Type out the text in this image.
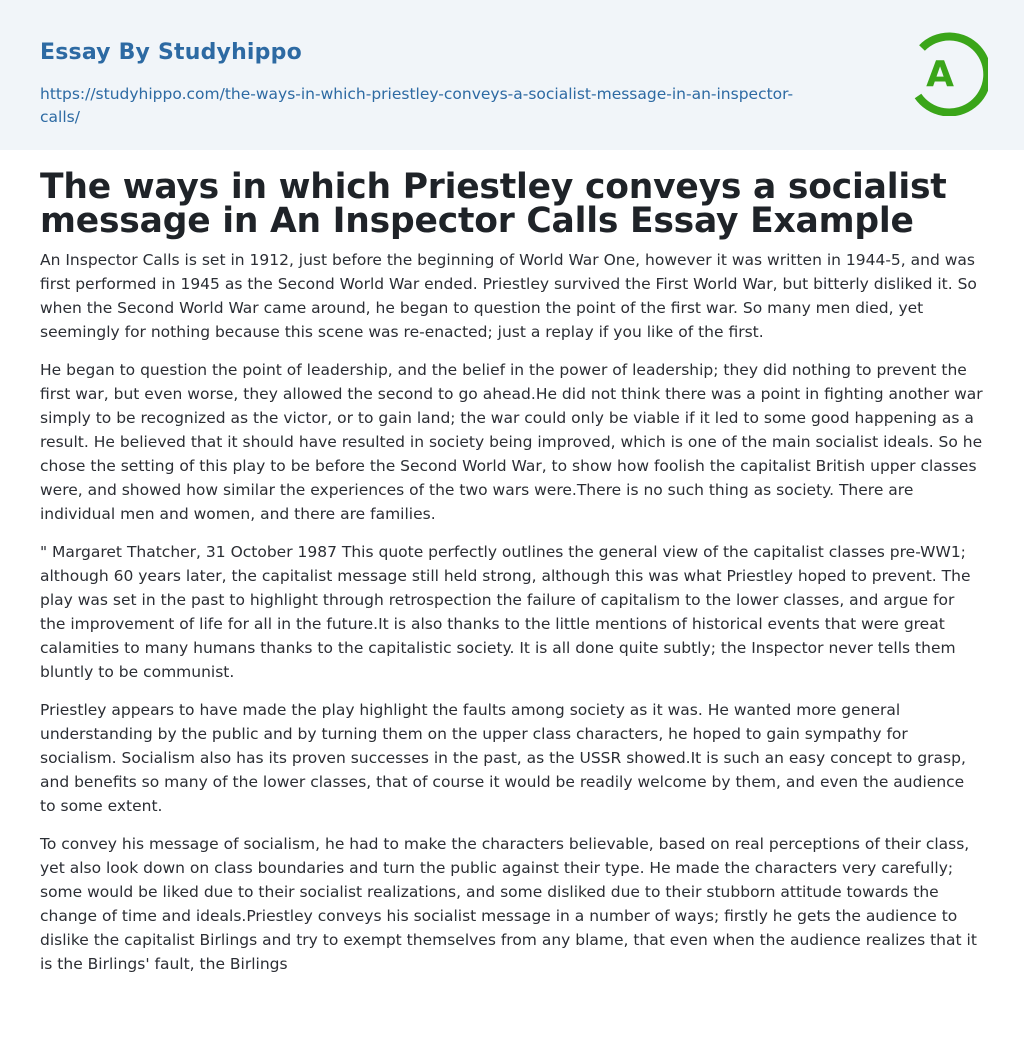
Essay By Studyhippo
https://studyhippo.com/the-ways-in-which-priestley-conveys-a-socialist-message-in-an-inspector-calls/
A
The ways in which Priestley conveys a socialist message in An Inspector Calls Essay Example

An Inspector Calls is set in 1912, just before the beginning of World War One, however it was written in 1944-5, and was first performed in 1945 as the Second World War ended. Priestley survived the First World War, but bitterly disliked it. So when the Second World War came around, he began to question the point of the first war. So many men died, yet seemingly for nothing because this scene was re-enacted; just a replay if you like of the first.

He began to question the point of leadership, and the belief in the power of leadership; they did nothing to prevent the first war, but even worse, they allowed the second to go ahead.He did not think there was a point in fighting another war simply to be recognized as the victor, or to gain land; the war could only be viable if it led to some good happening as a result. He believed that it should have resulted in society being improved, which is one of the main socialist ideals. So he chose the setting of this play to be before the Second World War, to show how foolish the capitalist British upper classes were, and showed how similar the experiences of the two wars were.There is no such thing as society. There are individual men and women, and there are families.

" Margaret Thatcher, 31 October 1987 This quote perfectly outlines the general view of the capitalist classes pre-WW1; although 60 years later, the capitalist message still held strong, although this was what Priestley hoped to prevent. The play was set in the past to highlight through retrospection the failure of capitalism to the lower classes, and argue for the improvement of life for all in the future.It is also thanks to the little mentions of historical events that were great calamities to many humans thanks to the capitalistic society. It is all done quite subtly; the Inspector never tells them bluntly to be communist.

Priestley appears to have made the play highlight the faults among society as it was. He wanted more general understanding by the public and by turning them on the upper class characters, he hoped to gain sympathy for socialism. Socialism also has its proven successes in the past, as the USSR showed.It is such an easy concept to grasp, and benefits so many of the lower classes, that of course it would be readily welcome by them, and even the audience to some extent.

To convey his message of socialism, he had to make the characters believable, based on real perceptions of their class, yet also look down on class boundaries and turn the public against their type. He made the characters very carefully; some would be liked due to their socialist realizations, and some disliked due to their stubborn attitude towards the change of time and ideals.Priestley conveys his socialist message in a number of ways; firstly he gets the audience to dislike the capitalist Birlings and try to exempt themselves from any blame, that even when the audience realizes that it is the Birlings' fault, the Birlings
